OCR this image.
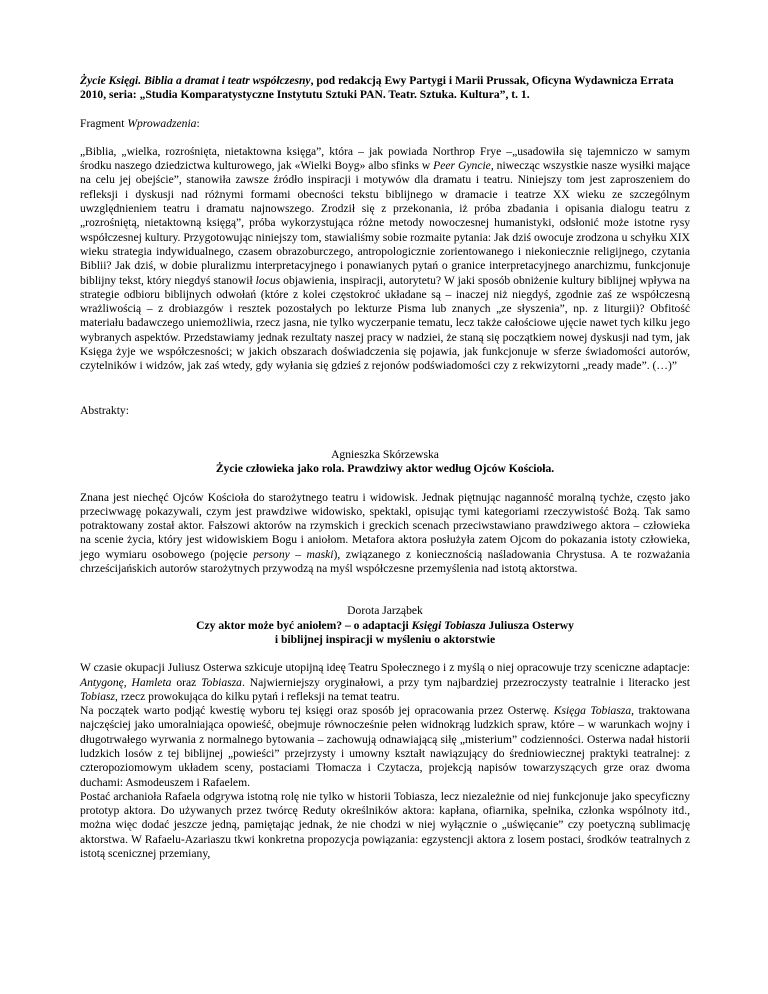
Życie Księgi. Biblia a dramat i teatr współczesny, pod redakcją Ewy Partygi i Marii Prussak, Oficyna Wydawnicza Errata 2010, seria: „Studia Komparatystyczne Instytutu Sztuki PAN. Teatr. Sztuka. Kultura”, t. 1.

Fragment Wprowadzenia:

„Biblia, „wielka, rozrośnięta, nietaktowna księga”, która – jak powiada Northrop Frye –„usadowiła się tajemniczo w samym środku naszego dziedzictwa kulturowego, jak «Wielki Boyg» albo sfinks w Peer Gyncie, niwecząc wszystkie nasze wysiłki mające na celu jej obejście”, stanowiła zawsze źródło inspiracji i motywów dla dramatu i teatru. Niniejszy tom jest zaproszeniem do refleksji i dyskusji nad różnymi formami obecności tekstu biblijnego w dramacie i teatrze XX wieku ze szczególnym uwzględnieniem teatru i dramatu najnowszego. Zrodził się z przekonania, iż próba zbadania i opisania dialogu teatru z „rozrośniętą, nietaktowną księgą”, próba wykorzystująca różne metody nowoczesnej humanistyki, odsłonić może istotne rysy współczesnej kultury. Przygotowując niniejszy tom, stawialiśmy sobie rozmaite pytania: Jak dziś owocuje zrodzona u schyłku XIX wieku strategia indywidualnego, czasem obrazoburczego, antropologicznie zorientowanego i niekoniecznie religijnego, czytania Biblii? Jak dziś, w dobie pluralizmu interpretacyjnego i ponawianych pytań o granice interpretacyjnego anarchizmu, funkcjonuje biblijny tekst, który niegdyś stanowił locus objawienia, inspiracji, autorytetu? W jaki sposób obniżenie kultury biblijnej wpływa na strategie odbioru biblijnych odwołań (które z kolei częstokroć układane są – inaczej niż niegdyś, zgodnie zaś ze współczesną wrażliwością – z drobiazgów i resztek pozostałych po lekturze Pisma lub znanych „ze słyszenia”, np. z liturgii)? Obfitość materiału badawczego uniemożliwia, rzecz jasna, nie tylko wyczerpanie tematu, lecz także całościowe ujęcie nawet tych kilku jego wybranych aspektów. Przedstawiamy jednak rezultaty naszej pracy w nadziei, że staną się początkiem nowej dyskusji nad tym, jak Księga żyje we współczesności; w jakich obszarach doświadczenia się pojawia, jak funkcjonuje w sferze świadomości autorów, czytelników i widzów, jak zaś wtedy, gdy wyłania się gdzieś z rejonów podświadomości czy z rekwizytorni „ready made”. (…)”

Abstrakty:

Agnieszka Skórzewska

Życie człowieka jako rola. Prawdziwy aktor według Ojców Kościoła.

Znana jest niechęć Ojców Kościoła do starożytnego teatru i widowisk. Jednak piętnując naganność moralną tychże, często jako przeciwwagę pokazywali, czym jest prawdziwe widowisko, spektakl, opisując tymi kategoriami rzeczywistość Bożą. Tak samo potraktowany został aktor. Fałszowi aktorów na rzymskich i greckich scenach przeciwstawiano prawdziwego aktora – człowieka na scenie życia, który jest widowiskiem Bogu i aniołom. Metafora aktora posłużyła zatem Ojcom do pokazania istoty człowieka, jego wymiaru osobowego (pojęcie persony – maski), związanego z koniecznością naśladowania Chrystusa. A te rozważania chrześcijańskich autorów starożytnych przywodzą na myśl współczesne przemyślenia nad istotą aktorstwa.

Dorota Jarząbek

Czy aktor może być aniołem? – o adaptacji Księgi Tobiasza Juliusza Osterwy

i biblijnej inspiracji w myśleniu o aktorstwie

W czasie okupacji Juliusz Osterwa szkicuje utopijną ideę Teatru Społecznego i z myślą o niej opracowuje trzy sceniczne adaptacje: Antygonę, Hamleta oraz Tobiasza. Najwierniejszy oryginałowi, a przy tym najbardziej przezroczysty teatralnie i literacko jest Tobiasz, rzecz prowokująca do kilku pytań i refleksji na temat teatru.

Na początek warto podjąć kwestię wyboru tej księgi oraz sposób jej opracowania przez Osterwę. Księga Tobiasza, traktowana najczęściej jako umoralniająca opowieść, obejmuje równocześnie pełen widnokrąg ludzkich spraw, które – w warunkach wojny i długotrwałego wyrwania z normalnego bytowania – zachowują odnawiającą siłę „misterium” codzienności. Osterwa nadał historii ludzkich losów z tej biblijnej „powieści” przejrzysty i umowny kształt nawiązujący do średniowiecznej praktyki teatralnej: z czteropoziomowym układem sceny, postaciami Tłomacza i Czytacza, projekcją napisów towarzyszących grze oraz dwoma duchami: Asmodeuszem i Rafaelem.

Postać archanioła Rafaela odgrywa istotną rolę nie tylko w historii Tobiasza, lecz niezależnie od niej funkcjonuje jako specyficzny prototyp aktora. Do używanych przez twórcę Reduty określników aktora: kapłana, ofiarnika, spełnika, członka wspólnoty itd., można więc dodać jeszcze jedną, pamiętając jednak, że nie chodzi w niej wyłącznie o „uświęcanie” czy poetyczną sublimację aktorstwa. W Rafaelu-Azariaszu tkwi konkretna propozycja powiązania: egzystencji aktora z losem postaci, środków teatralnych z istotą scenicznej przemiany,
